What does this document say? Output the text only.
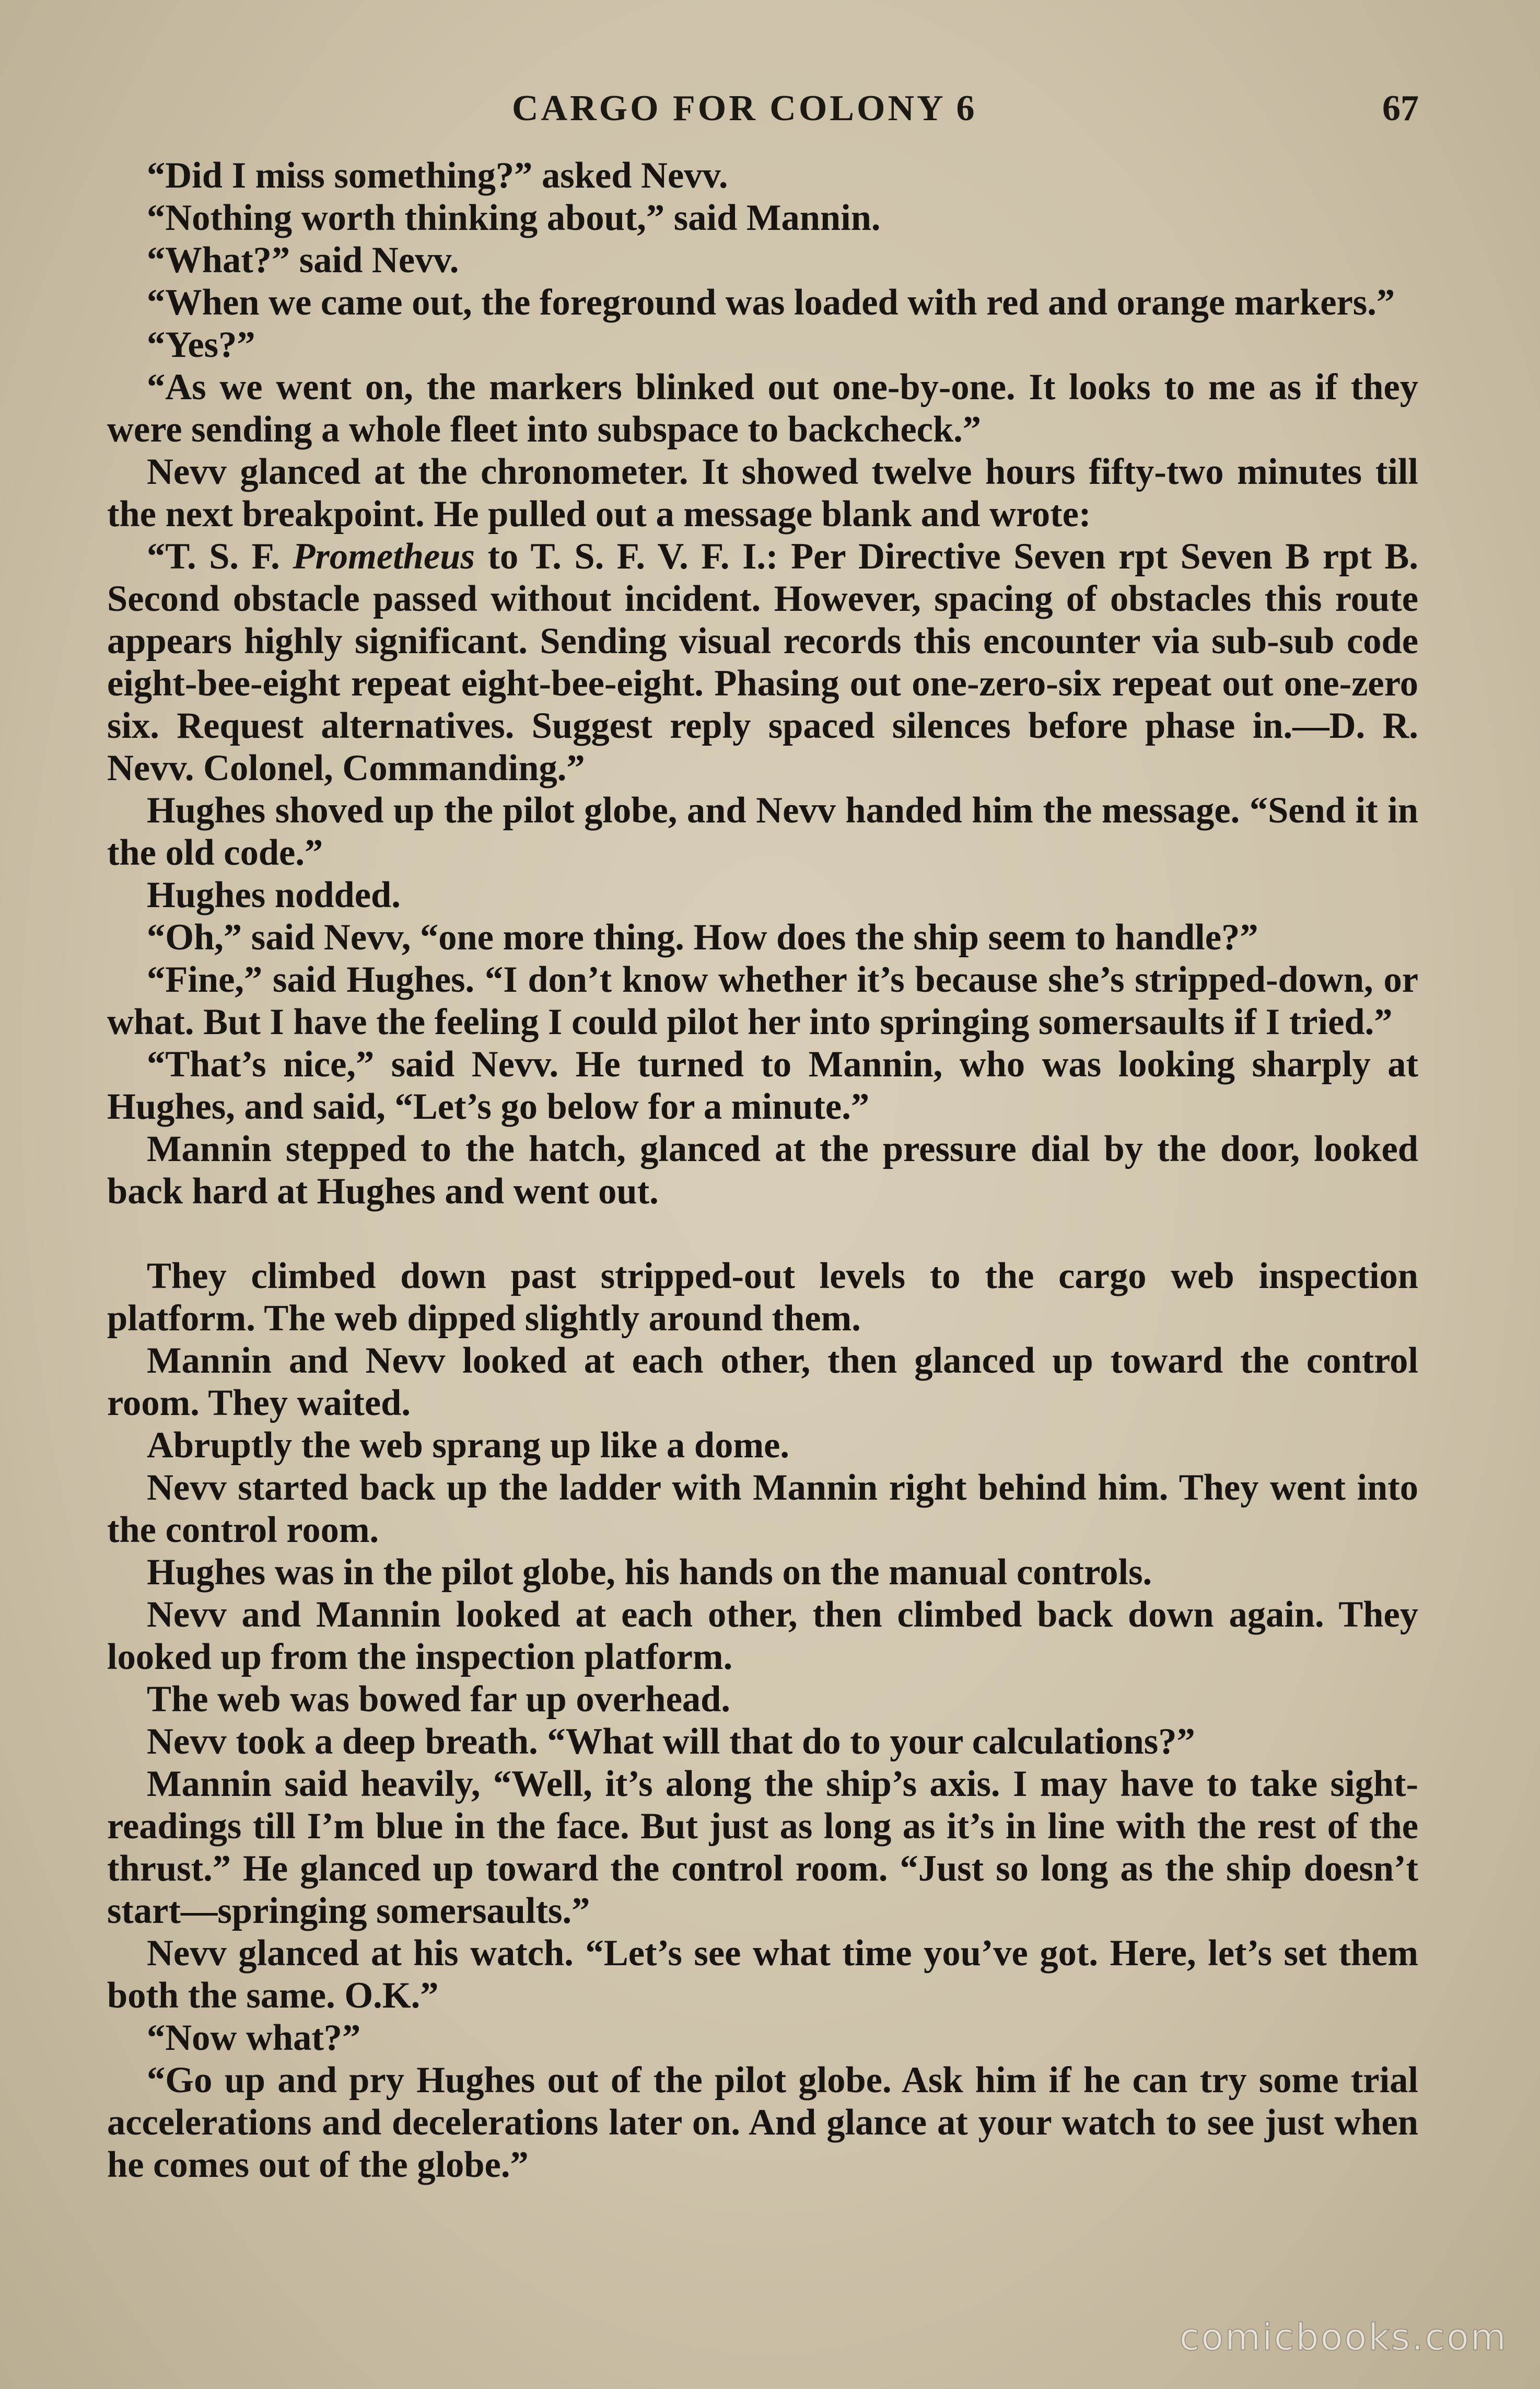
CARGO FOR COLONY 6	67

“Did I miss something?” asked Nevv.

“Nothing worth thinking about,” said Mannin.

“What?” said Nevv.

“When we came out, the foreground was loaded with red and orange markers.”

“Yes?”

“As we went on, the markers blinked out one-by-one. It looks to me as if they were sending a whole fleet into subspace to backcheck.”

Nevv glanced at the chronometer. It showed twelve hours fifty-two minutes till the next breakpoint. He pulled out a message blank and wrote:

“T. S. F. Prometheus to T. S. F. V. F. I.: Per Directive Seven rpt Seven B rpt B. Second obstacle passed without incident. However, spacing of obstacles this route appears highly significant. Sending visual records this encounter via sub-sub code eight-bee-eight repeat eight-bee-eight. Phasing out one-zero-six repeat out one-zero six. Request alternatives. Suggest reply spaced silences before phase in.—D. R. Nevv. Colonel, Commanding.”

Hughes shoved up the pilot globe, and Nevv handed him the message. “Send it in the old code.”

Hughes nodded.

“Oh,” said Nevv, “one more thing. How does the ship seem to handle?”

“Fine,” said Hughes. “I don’t know whether it’s because she’s stripped-down, or what. But I have the feeling I could pilot her into springing somersaults if I tried.”

“That’s nice,” said Nevv. He turned to Mannin, who was looking sharply at Hughes, and said, “Let’s go below for a minute.”

Mannin stepped to the hatch, glanced at the pressure dial by the door, looked back hard at Hughes and went out.

They climbed down past stripped-out levels to the cargo web inspection platform. The web dipped slightly around them.

Mannin and Nevv looked at each other, then glanced up toward the control room. They waited.

Abruptly the web sprang up like a dome.

Nevv started back up the ladder with Mannin right behind him. They went into the control room.

Hughes was in the pilot globe, his hands on the manual controls.

Nevv and Mannin looked at each other, then climbed back down again. They looked up from the inspection platform.

The web was bowed far up overhead.

Nevv took a deep breath. “What will that do to your calculations?”

Mannin said heavily, “Well, it’s along the ship’s axis. I may have to take sight-readings till I’m blue in the face. But just as long as it’s in line with the rest of the thrust.” He glanced up toward the control room. “Just so long as the ship doesn’t start—springing somersaults.”

Nevv glanced at his watch. “Let’s see what time you’ve got. Here, let’s set them both the same. O.K.”

“Now what?”

“Go up and pry Hughes out of the pilot globe. Ask him if he can try some trial accelerations and decelerations later on. And glance at your watch to see just when he comes out of the globe.”

comicbooks.com
